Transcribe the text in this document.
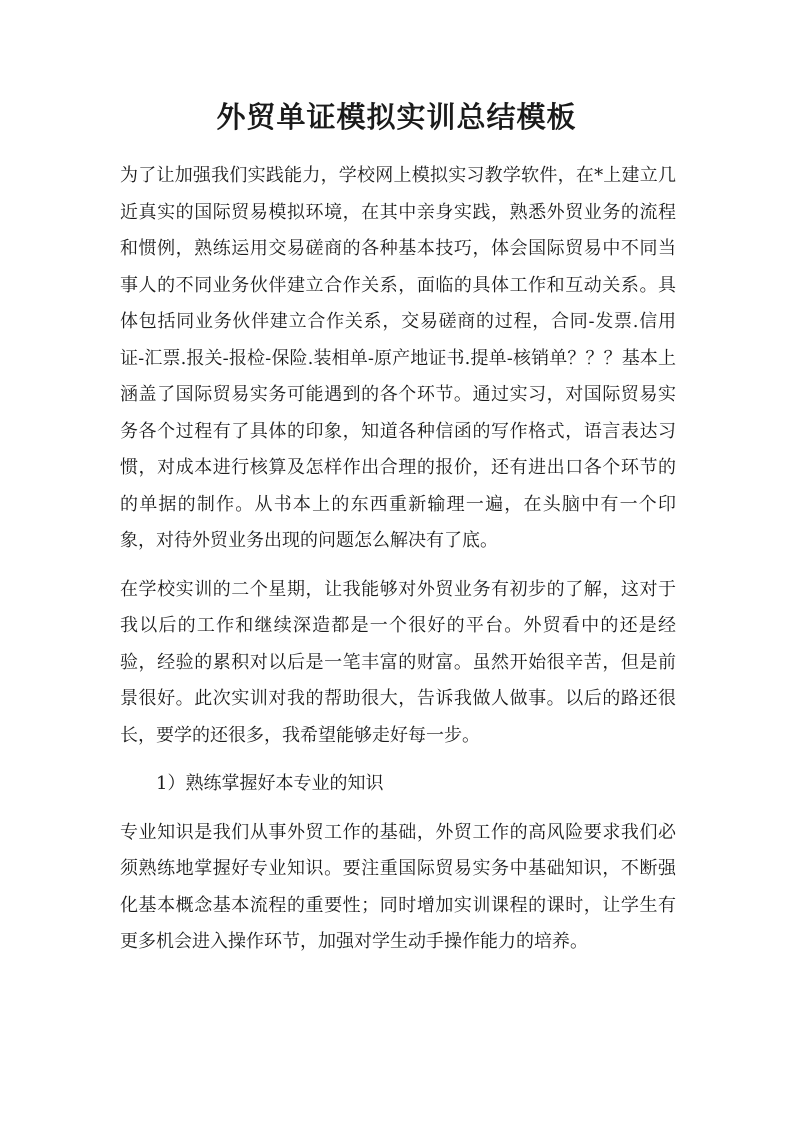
外贸单证模拟实训总结模板

为了让加强我们实践能力，学校网上模拟实习教学软件，在*上建立几近真实的国际贸易模拟环境，在其中亲身实践，熟悉外贸业务的流程和惯例，熟练运用交易磋商的各种基本技巧，体会国际贸易中不同当事人的不同业务伙伴建立合作关系，面临的具体工作和互动关系。具体包括同业务伙伴建立合作关系，交易磋商的过程，合同-发票.信用证-汇票.报关-报检-保险.装相单-原产地证书.提单-核销单？？？基本上涵盖了国际贸易实务可能遇到的各个环节。通过实习，对国际贸易实务各个过程有了具体的印象，知道各种信函的写作格式，语言表达习惯，对成本进行核算及怎样作出合理的报价，还有进出口各个环节的的单据的制作。从书本上的东西重新输理一遍，在头脑中有一个印象，对待外贸业务出现的问题怎么解决有了底。

在学校实训的二个星期，让我能够对外贸业务有初步的了解，这对于我以后的工作和继续深造都是一个很好的平台。外贸看中的还是经验，经验的累积对以后是一笔丰富的财富。虽然开始很辛苦，但是前景很好。此次实训对我的帮助很大，告诉我做人做事。以后的路还很长，要学的还很多，我希望能够走好每一步。

1）熟练掌握好本专业的知识

专业知识是我们从事外贸工作的基础，外贸工作的高风险要求我们必须熟练地掌握好专业知识。要注重国际贸易实务中基础知识，不断强化基本概念基本流程的重要性；同时增加实训课程的课时，让学生有更多机会进入操作环节，加强对学生动手操作能力的培养。
